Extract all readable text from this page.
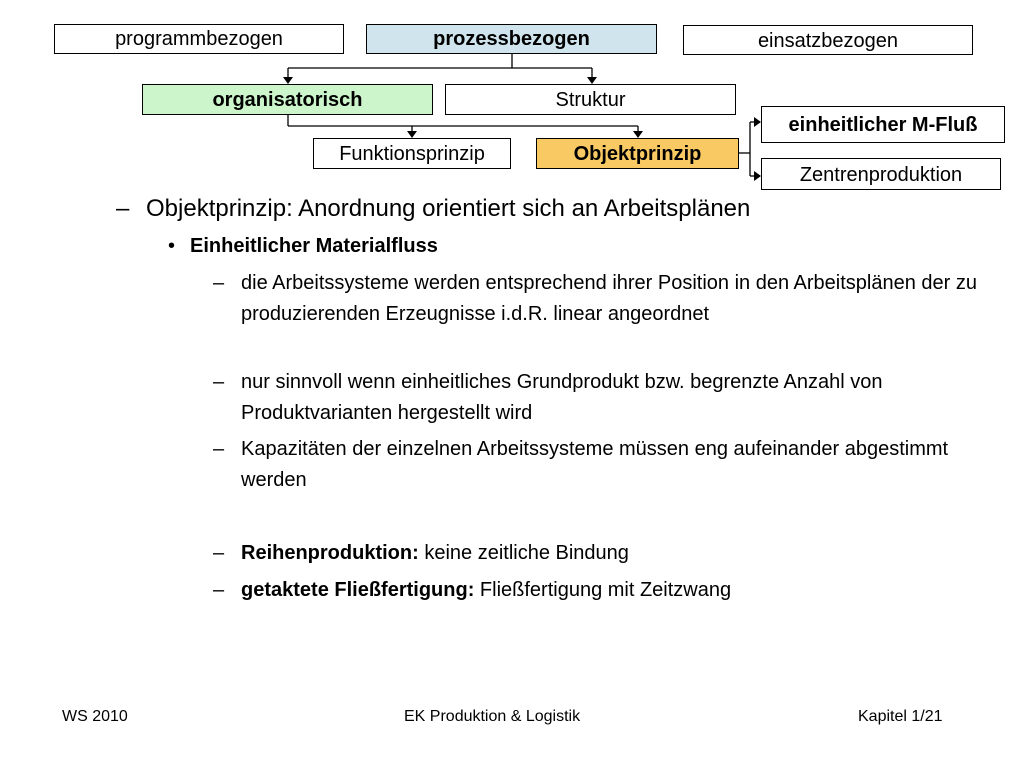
programmbezogen	prozessbezogen	einsatzbezogen
organisatorisch	Struktur
Funktionsprinzip	Objektprinzip
einheitlicher M-Fluß
Zentrenproduktion
– Objektprinzip: Anordnung orientiert sich an Arbeitsplänen
• Einheitlicher Materialfluss
– die Arbeitssysteme werden entsprechend ihrer Position in den Arbeitsplänen der zu produzierenden Erzeugnisse i.d.R. linear angeordnet
– nur sinnvoll wenn einheitliches Grundprodukt bzw. begrenzte Anzahl von Produktvarianten hergestellt wird
– Kapazitäten der einzelnen Arbeitssysteme müssen eng aufeinander abgestimmt werden
– Reihenproduktion: keine zeitliche Bindung
– getaktete Fließfertigung: Fließfertigung mit Zeitzwang
WS 2010	EK Produktion & Logistik	Kapitel 1/21
